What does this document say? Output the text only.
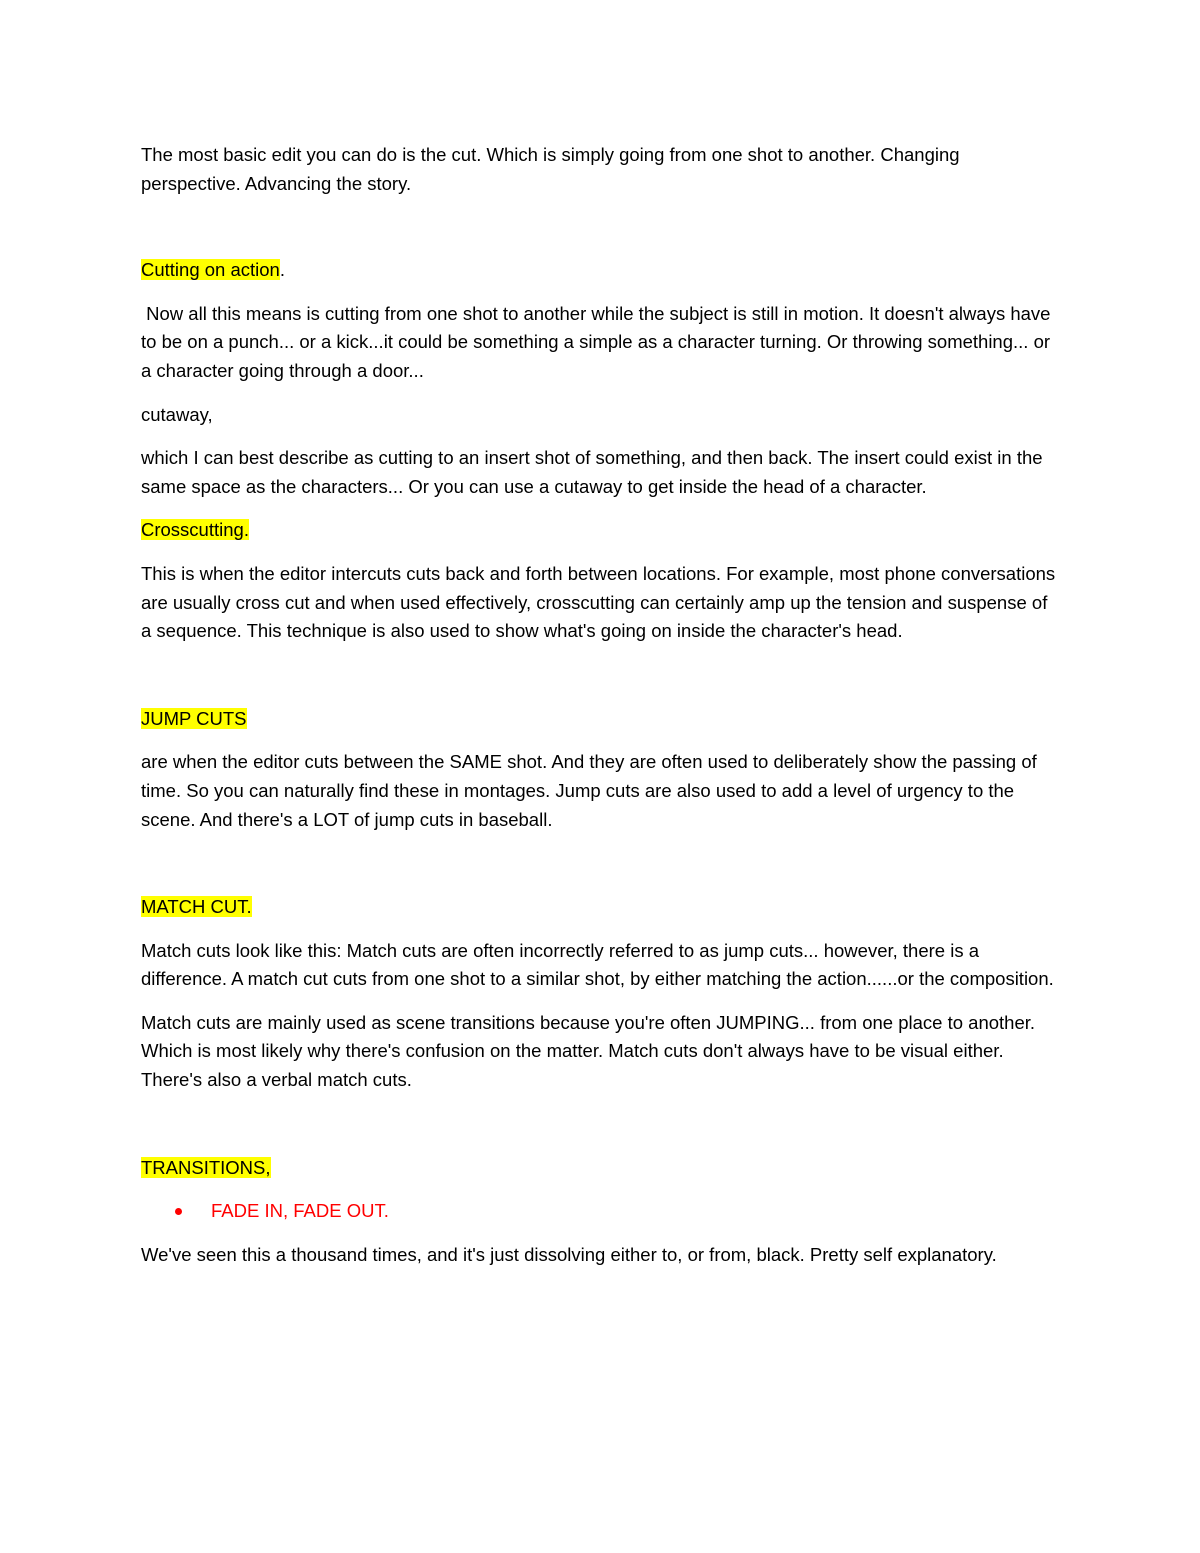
The most basic edit you can do is the cut. Which is simply going from one shot to another. Changing perspective. Advancing the story.

Cutting on action.

Now all this means is cutting from one shot to another while the subject is still in motion. It doesn't always have to be on a punch... or a kick...it could be something a simple as a character turning. Or throwing something... or a character going through a door...

cutaway,

which I can best describe as cutting to an insert shot of something, and then back. The insert could exist in the same space as the characters... Or you can use a cutaway to get inside the head of a character.

Crosscutting.

This is when the editor intercuts cuts back and forth between locations. For example, most phone conversations are usually cross cut and when used effectively, crosscutting can certainly amp up the tension and suspense of a sequence. This technique is also used to show what's going on inside the character's head.

JUMP CUTS

are when the editor cuts between the SAME shot. And they are often used to deliberately show the passing of time. So you can naturally find these in montages. Jump cuts are also used to add a level of urgency to the scene. And there's a LOT of jump cuts in baseball.

MATCH CUT.

Match cuts look like this: Match cuts are often incorrectly referred to as jump cuts... however, there is a difference. A match cut cuts from one shot to a similar shot, by either matching the action......or the composition.

Match cuts are mainly used as scene transitions because you're often JUMPING... from one place to another. Which is most likely why there's confusion on the matter. Match cuts don't always have to be visual either. There's also a verbal match cuts.

TRANSITIONS,

FADE IN, FADE OUT.

We've seen this a thousand times, and it's just dissolving either to, or from, black. Pretty self explanatory.
